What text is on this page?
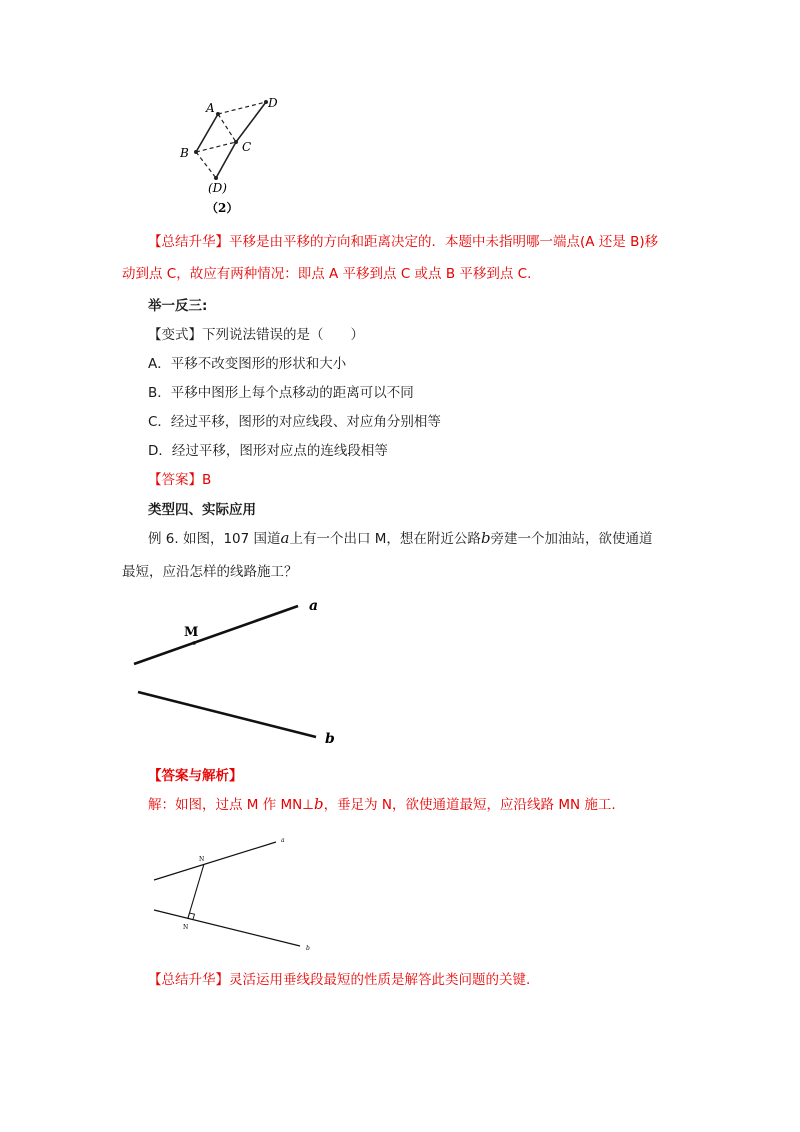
A	D
B	C
(D)
（2）
【总结升华】平移是由平移的方向和距离决定的．本题中未指明哪一端点(A 还是 B)移
动到点 C，故应有两种情况：即点 A 平移到点 C 或点 B 平移到点 C.
举一反三:
【变式】下列说法错误的是（　　）
A．平移不改变图形的形状和大小
B．平移中图形上每个点移动的距离可以不同
C．经过平移，图形的对应线段、对应角分别相等
D．经过平移，图形对应点的连线段相等
【答案】B
类型四、实际应用
例 6. 如图，107 国道a上有一个出口 M，想在附近公路b旁建一个加油站，欲使通道
最短，应沿怎样的线路施工？
M
a
b
【答案与解析】
解：如图，过点 M 作 MN⊥b，垂足为 N，欲使通道最短，应沿线路 MN 施工.
N
N
a
b
【总结升华】灵活运用垂线段最短的性质是解答此类问题的关键.
